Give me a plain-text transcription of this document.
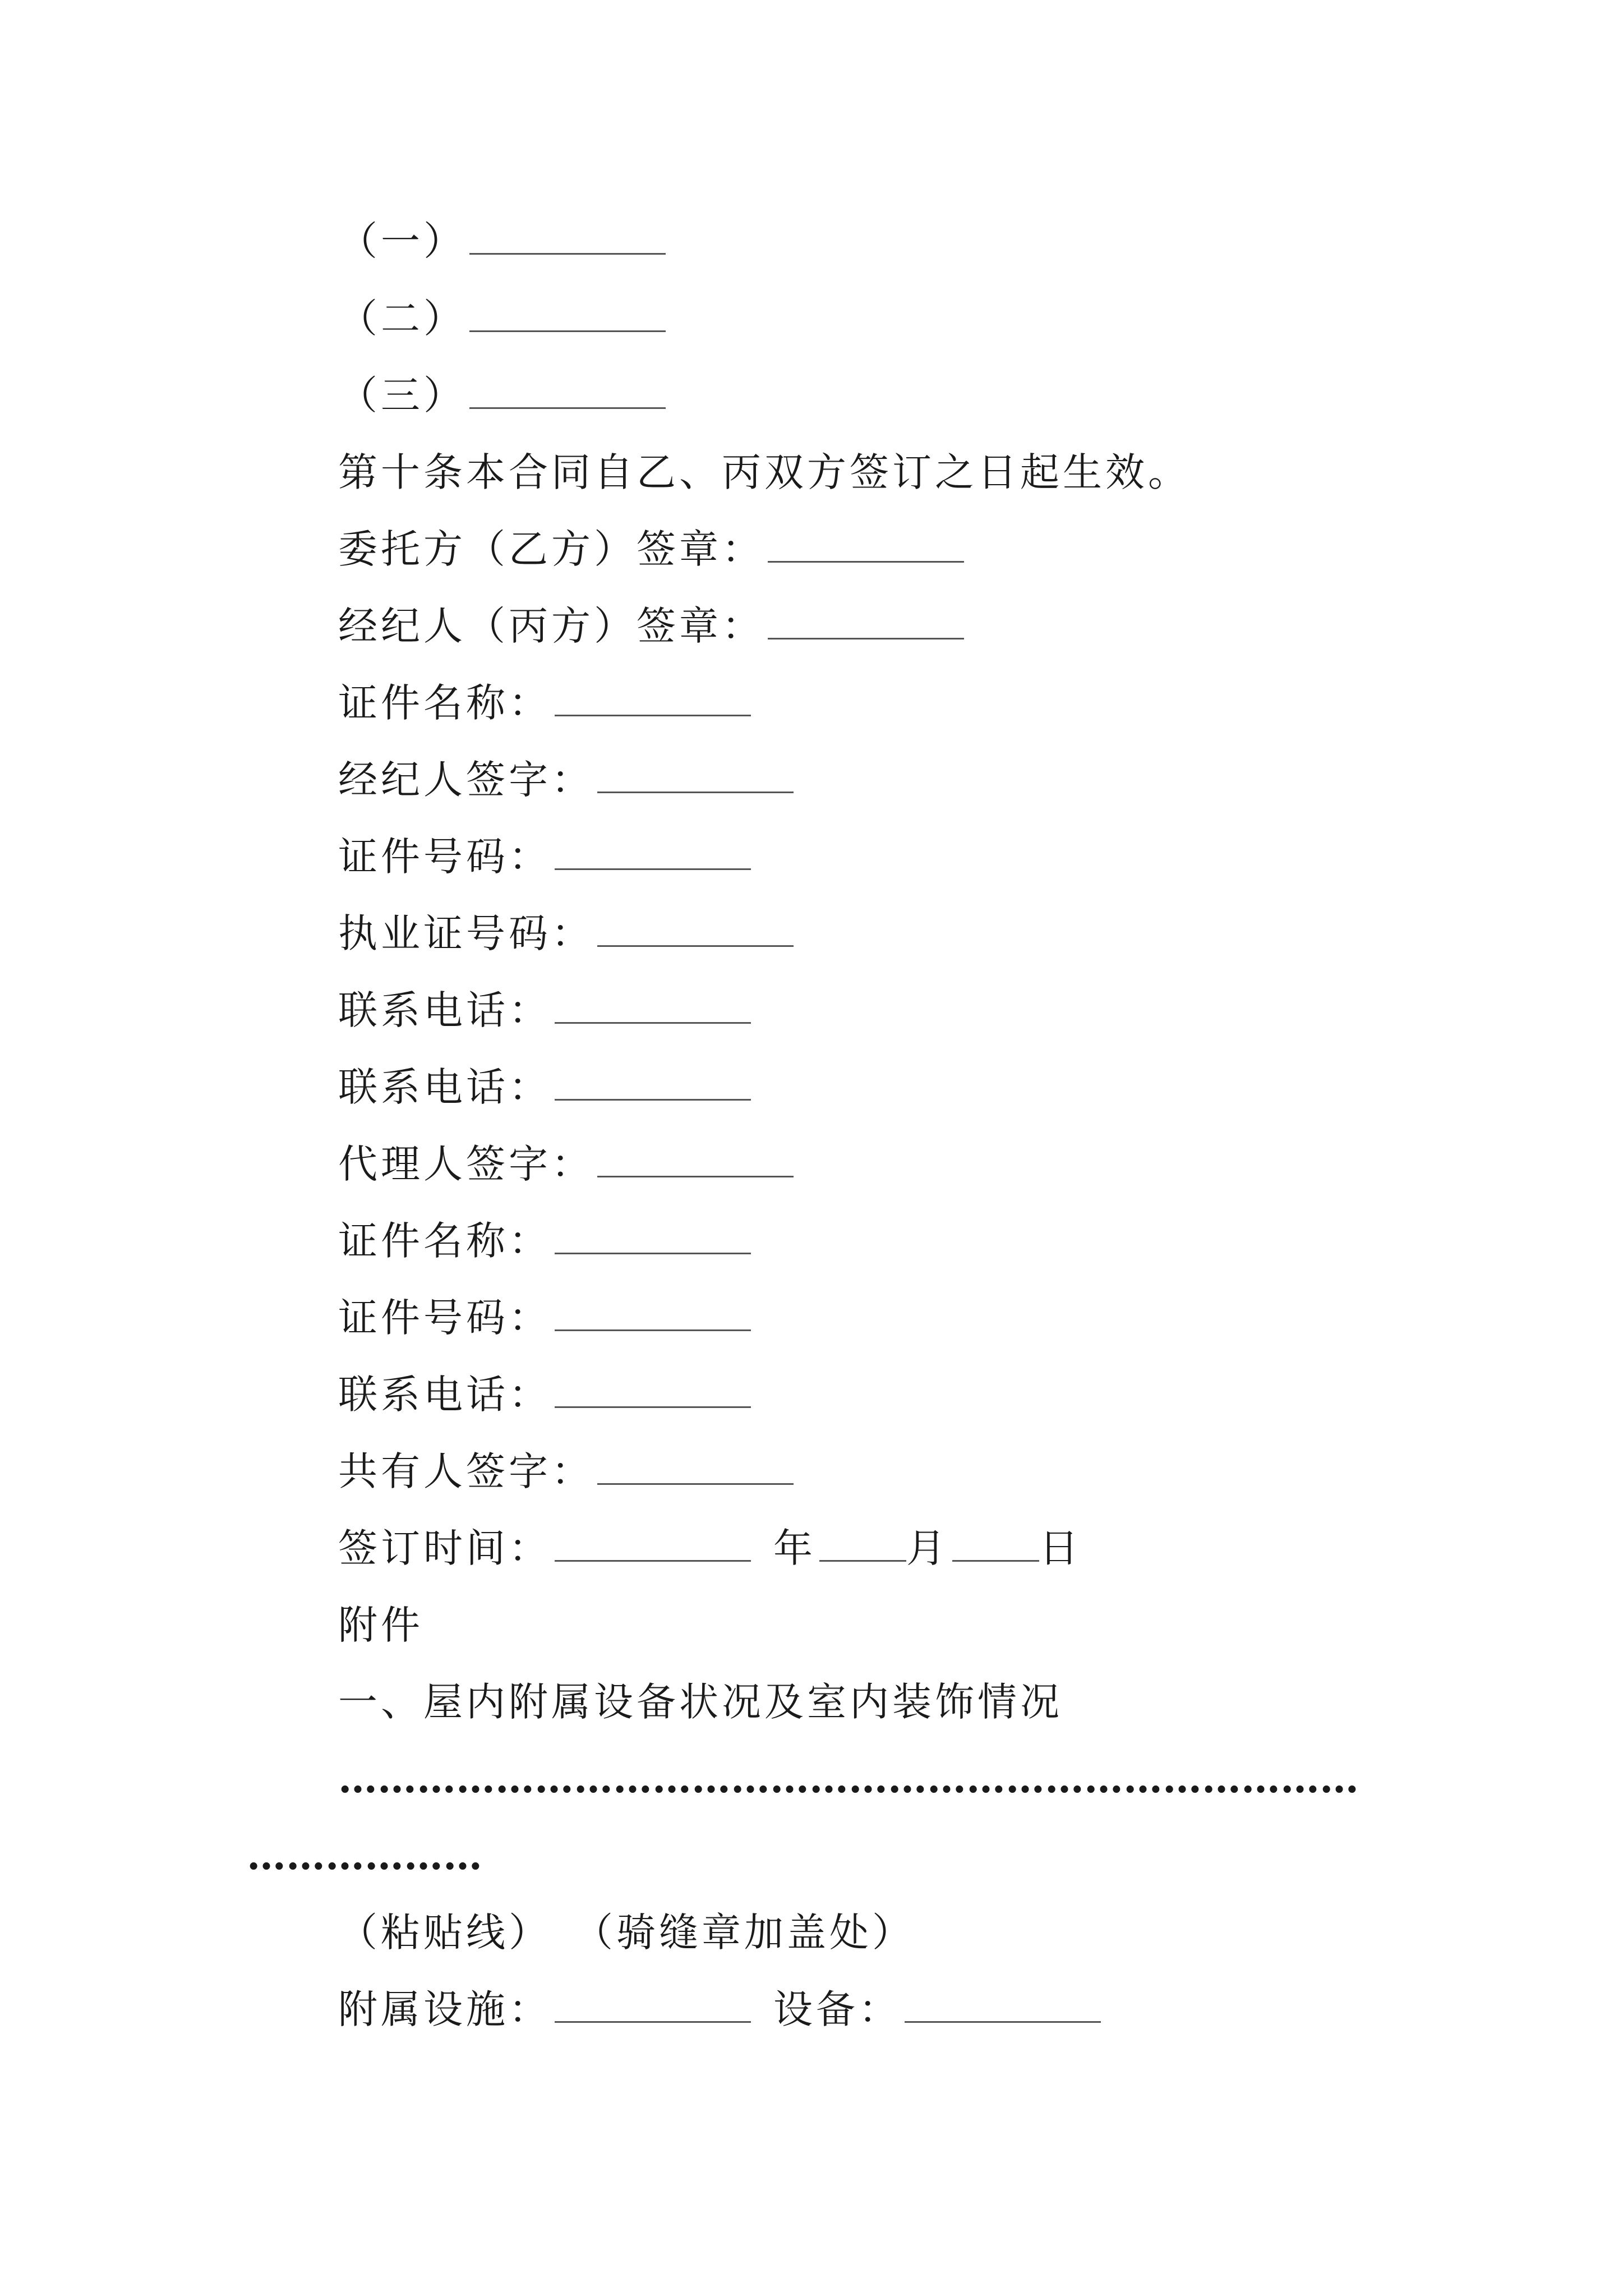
（一）
（二）
（三）
第十条本合同自乙、丙双方签订之日起生效。
委托方（乙方）签章：
经纪人（丙方）签章：
证件名称：
经纪人签字：
证件号码：
执业证号码：
联系电话：
联系电话：
代理人签字：
证件名称：
证件号码：
联系电话：
共有人签字：
签订时间：	年 月 日
附件
一、屋内附属设备状况及室内装饰情况
……………………………………………………………………
………………
（粘贴线） （骑缝章加盖处）
附属设施：	设备：
